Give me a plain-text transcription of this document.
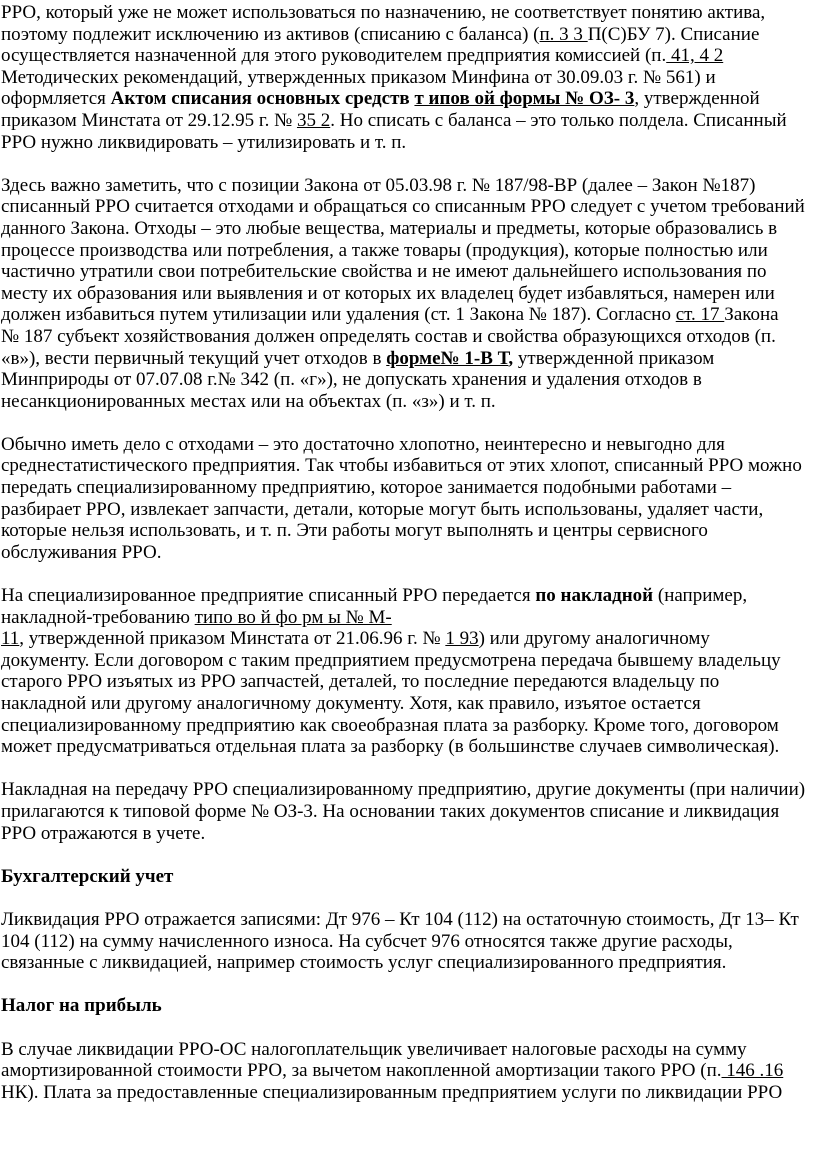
РРО, который уже не может использоваться по назначению, не соответствует понятию актива,
поэтому подлежит исключению из активов (списанию с баланса) (п. 3 3 П(С)БУ 7). Списание
осуществляется назначенной для этого руководителем предприятия комиссией (п. 41, 4 2
Методических рекомендаций, утвержденных приказом Минфина от 30.09.03 г. № 561) и
оформляется Актом списания основных средств т ипов ой формы № ОЗ- 3, утвержденной
приказом Минстата от 29.12.95 г. № 35 2. Но списать с баланса – это только полдела. Списанный
РРО нужно ликвидировать – утилизировать и т. п.
Здесь важно заметить, что с позиции Закона от 05.03.98 г. № 187/98-ВР (далее – Закон №187)
списанный РРО считается отходами и обращаться со списанным РРО следует с учетом требований
данного Закона. Отходы – это любые вещества, материалы и предметы, которые образовались в
процессе производства или потребления, а также товары (продукция), которые полностью или
частично утратили свои потребительские свойства и не имеют дальнейшего использования по
месту их образования или выявления и от которых их владелец будет избавляться, намерен или
должен избавиться путем утилизации или удаления (ст. 1 Закона № 187). Согласно ст. 17 Закона
№ 187 субъект хозяйствования должен определять состав и свойства образующихся отходов (п.
«в»), вести первичный текущий учет отходов в форме№ 1-В Т, утвержденной приказом
Минприроды от 07.07.08 г.№ 342 (п. «г»), не допускать хранения и удаления отходов в
несанкционированных местах или на объектах (п. «з») и т. п.
Обычно иметь дело с отходами – это достаточно хлопотно, неинтересно и невыгодно для
среднестатистического предприятия. Так чтобы избавиться от этих хлопот, списанный РРО можно
передать специализированному предприятию, которое занимается подобными работами –
разбирает РРО, извлекает запчасти, детали, которые могут быть использованы, удаляет части,
которые нельзя использовать, и т. п. Эти работы могут выполнять и центры сервисного
обслуживания РРО.
На специализированное предприятие списанный РРО передается по накладной (например,
накладной-требованию типо во й фо рм ы № М-
11, утвержденной приказом Минстата от 21.06.96 г. № 1 93) или другому аналогичному
документу. Если договором с таким предприятием предусмотрена передача бывшему владельцу
старого РРО изъятых из РРО запчастей, деталей, то последние передаются владельцу по
накладной или другому аналогичному документу. Хотя, как правило, изъятое остается
специализированному предприятию как своеобразная плата за разборку. Кроме того, договором
может предусматриваться отдельная плата за разборку (в большинстве случаев символическая).
Накладная на передачу РРО специализированному предприятию, другие документы (при наличии)
прилагаются к типовой форме № ОЗ-3. На основании таких документов списание и ликвидация
РРО отражаются в учете.
Бухгалтерский учет
Ликвидация РРО отражается записями: Дт 976 – Кт 104 (112) на остаточную стоимость, Дт 13– Кт
104 (112) на сумму начисленного износа. На субсчет 976 относятся также другие расходы,
связанные с ликвидацией, например стоимость услуг специализированного предприятия.
Налог на прибыль
В случае ликвидации РРО-ОС налогоплательщик увеличивает налоговые расходы на сумму
амортизированной стоимости РРО, за вычетом накопленной амортизации такого РРО (п. 146 .16
НК). Плата за предоставленные специализированным предприятием услуги по ликвидации РРО
